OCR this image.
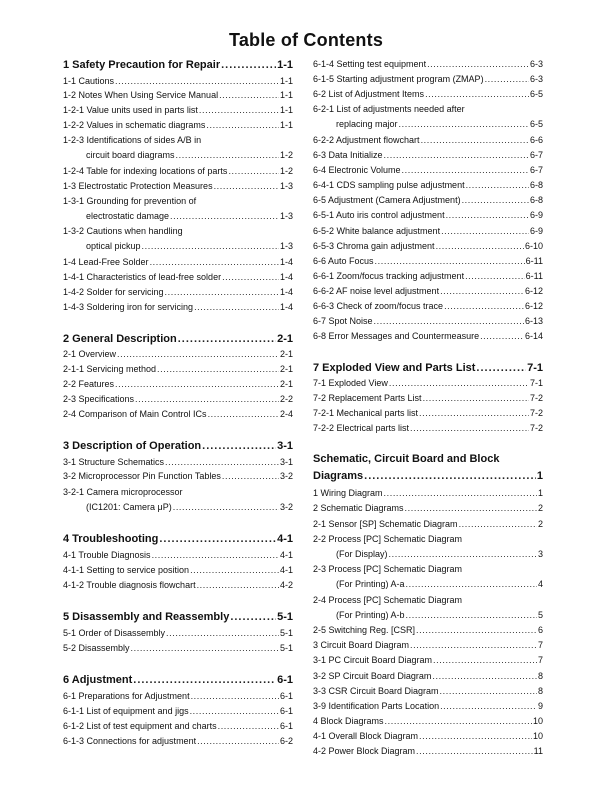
Table of Contents
1 Safety Precaution for Repair .....	1-1
1-1 Cautions .....	1-1
1-2 Notes When Using Service Manual .....	1-1
1-2-1 Value units used in parts list .....	1-1
1-2-2 Values in schematic diagrams .....	1-1
1-2-3 Identifications of sides A/B in
circuit board diagrams .....	1-2
1-2-4 Table for indexing locations of parts .....	1-2
1-3 Electrostatic Protection Measures .....	1-3
1-3-1 Grounding for prevention of
electrostatic damage .....	1-3
1-3-2 Cautions when handling
optical pickup .....	1-3
1-4 Lead-Free Solder .....	1-4
1-4-1 Characteristics of lead-free solder .....	1-4
1-4-2 Solder for servicing .....	1-4
1-4-3 Soldering iron for servicing .....	1-4
2 General Description .....	2-1
2-1 Overview .....	2-1
2-1-1 Servicing method .....	2-1
2-2 Features .....	2-1
2-3 Specifications .....	2-2
2-4 Comparison of Main Control ICs .....	2-4
3 Description of Operation .....	3-1
3-1 Structure Schematics .....	3-1
3-2 Microprocessor Pin Function Tables .....	3-2
3-2-1 Camera microprocessor
(IC1201: Camera μP) .....	3-2
4 Troubleshooting .....	4-1
4-1 Trouble Diagnosis .....	4-1
4-1-1 Setting to service position .....	4-1
4-1-2 Trouble diagnosis flowchart .....	4-2
5 Disassembly and Reassembly .....	5-1
5-1 Order of Disassembly .....	5-1
5-2 Disassembly .....	5-1
6 Adjustment .....	6-1
6-1 Preparations for Adjustment .....	6-1
6-1-1 List of equipment and jigs .....	6-1
6-1-2 List of test equipment and charts .....	6-1
6-1-3 Connections for adjustment .....	6-2
6-1-4 Setting test equipment .....	6-3
6-1-5 Starting adjustment program (ZMAP) .....	6-3
6-2 List of Adjustment Items .....	6-5
6-2-1 List of adjustments needed after
replacing major .....	6-5
6-2-2 Adjustment flowchart .....	6-6
6-3 Data Initialize .....	6-7
6-4 Electronic Volume .....	6-7
6-4-1 CDS sampling pulse adjustment .....	6-8
6-5 Adjustment (Camera Adjustment) .....	6-8
6-5-1 Auto iris control adjustment .....	6-9
6-5-2 White balance adjustment .....	6-9
6-5-3 Chroma gain adjustment .....	6-10
6-6 Auto Focus .....	6-11
6-6-1 Zoom/focus tracking adjustment .....	6-11
6-6-2 AF noise level adjustment .....	6-12
6-6-3 Check of zoom/focus trace .....	6-12
6-7 Spot Noise .....	6-13
6-8 Error Messages and Countermeasure .....	6-14
7 Exploded View and Parts List .....	7-1
7-1 Exploded View .....	7-1
7-2 Replacement Parts List .....	7-2
7-2-1 Mechanical parts list .....	7-2
7-2-2 Electrical parts list .....	7-2
Schematic, Circuit Board and Block
Diagrams .....	1
1 Wiring Diagram .....	1
2 Schematic Diagrams .....	2
2-1 Sensor [SP] Schematic Diagram .....	2
2-2 Process [PC] Schematic Diagram
(For Display) .....	3
2-3 Process [PC] Schematic Diagram
(For Printing) A-a .....	4
2-4 Process [PC] Schematic Diagram
(For Printing) A-b .....	5
2-5 Switching Reg. [CSR] .....	6
3 Circuit Board Diagram .....	7
3-1 PC Circuit Board Diagram .....	7
3-2 SP Circuit Board Diagram .....	8
3-3 CSR Circuit Board Diagram .....	8
3-9 Identification Parts Location .....	9
4 Block Diagrams .....	10
4-1 Overall Block Diagram .....	10
4-2 Power Block Diagram .....	11
